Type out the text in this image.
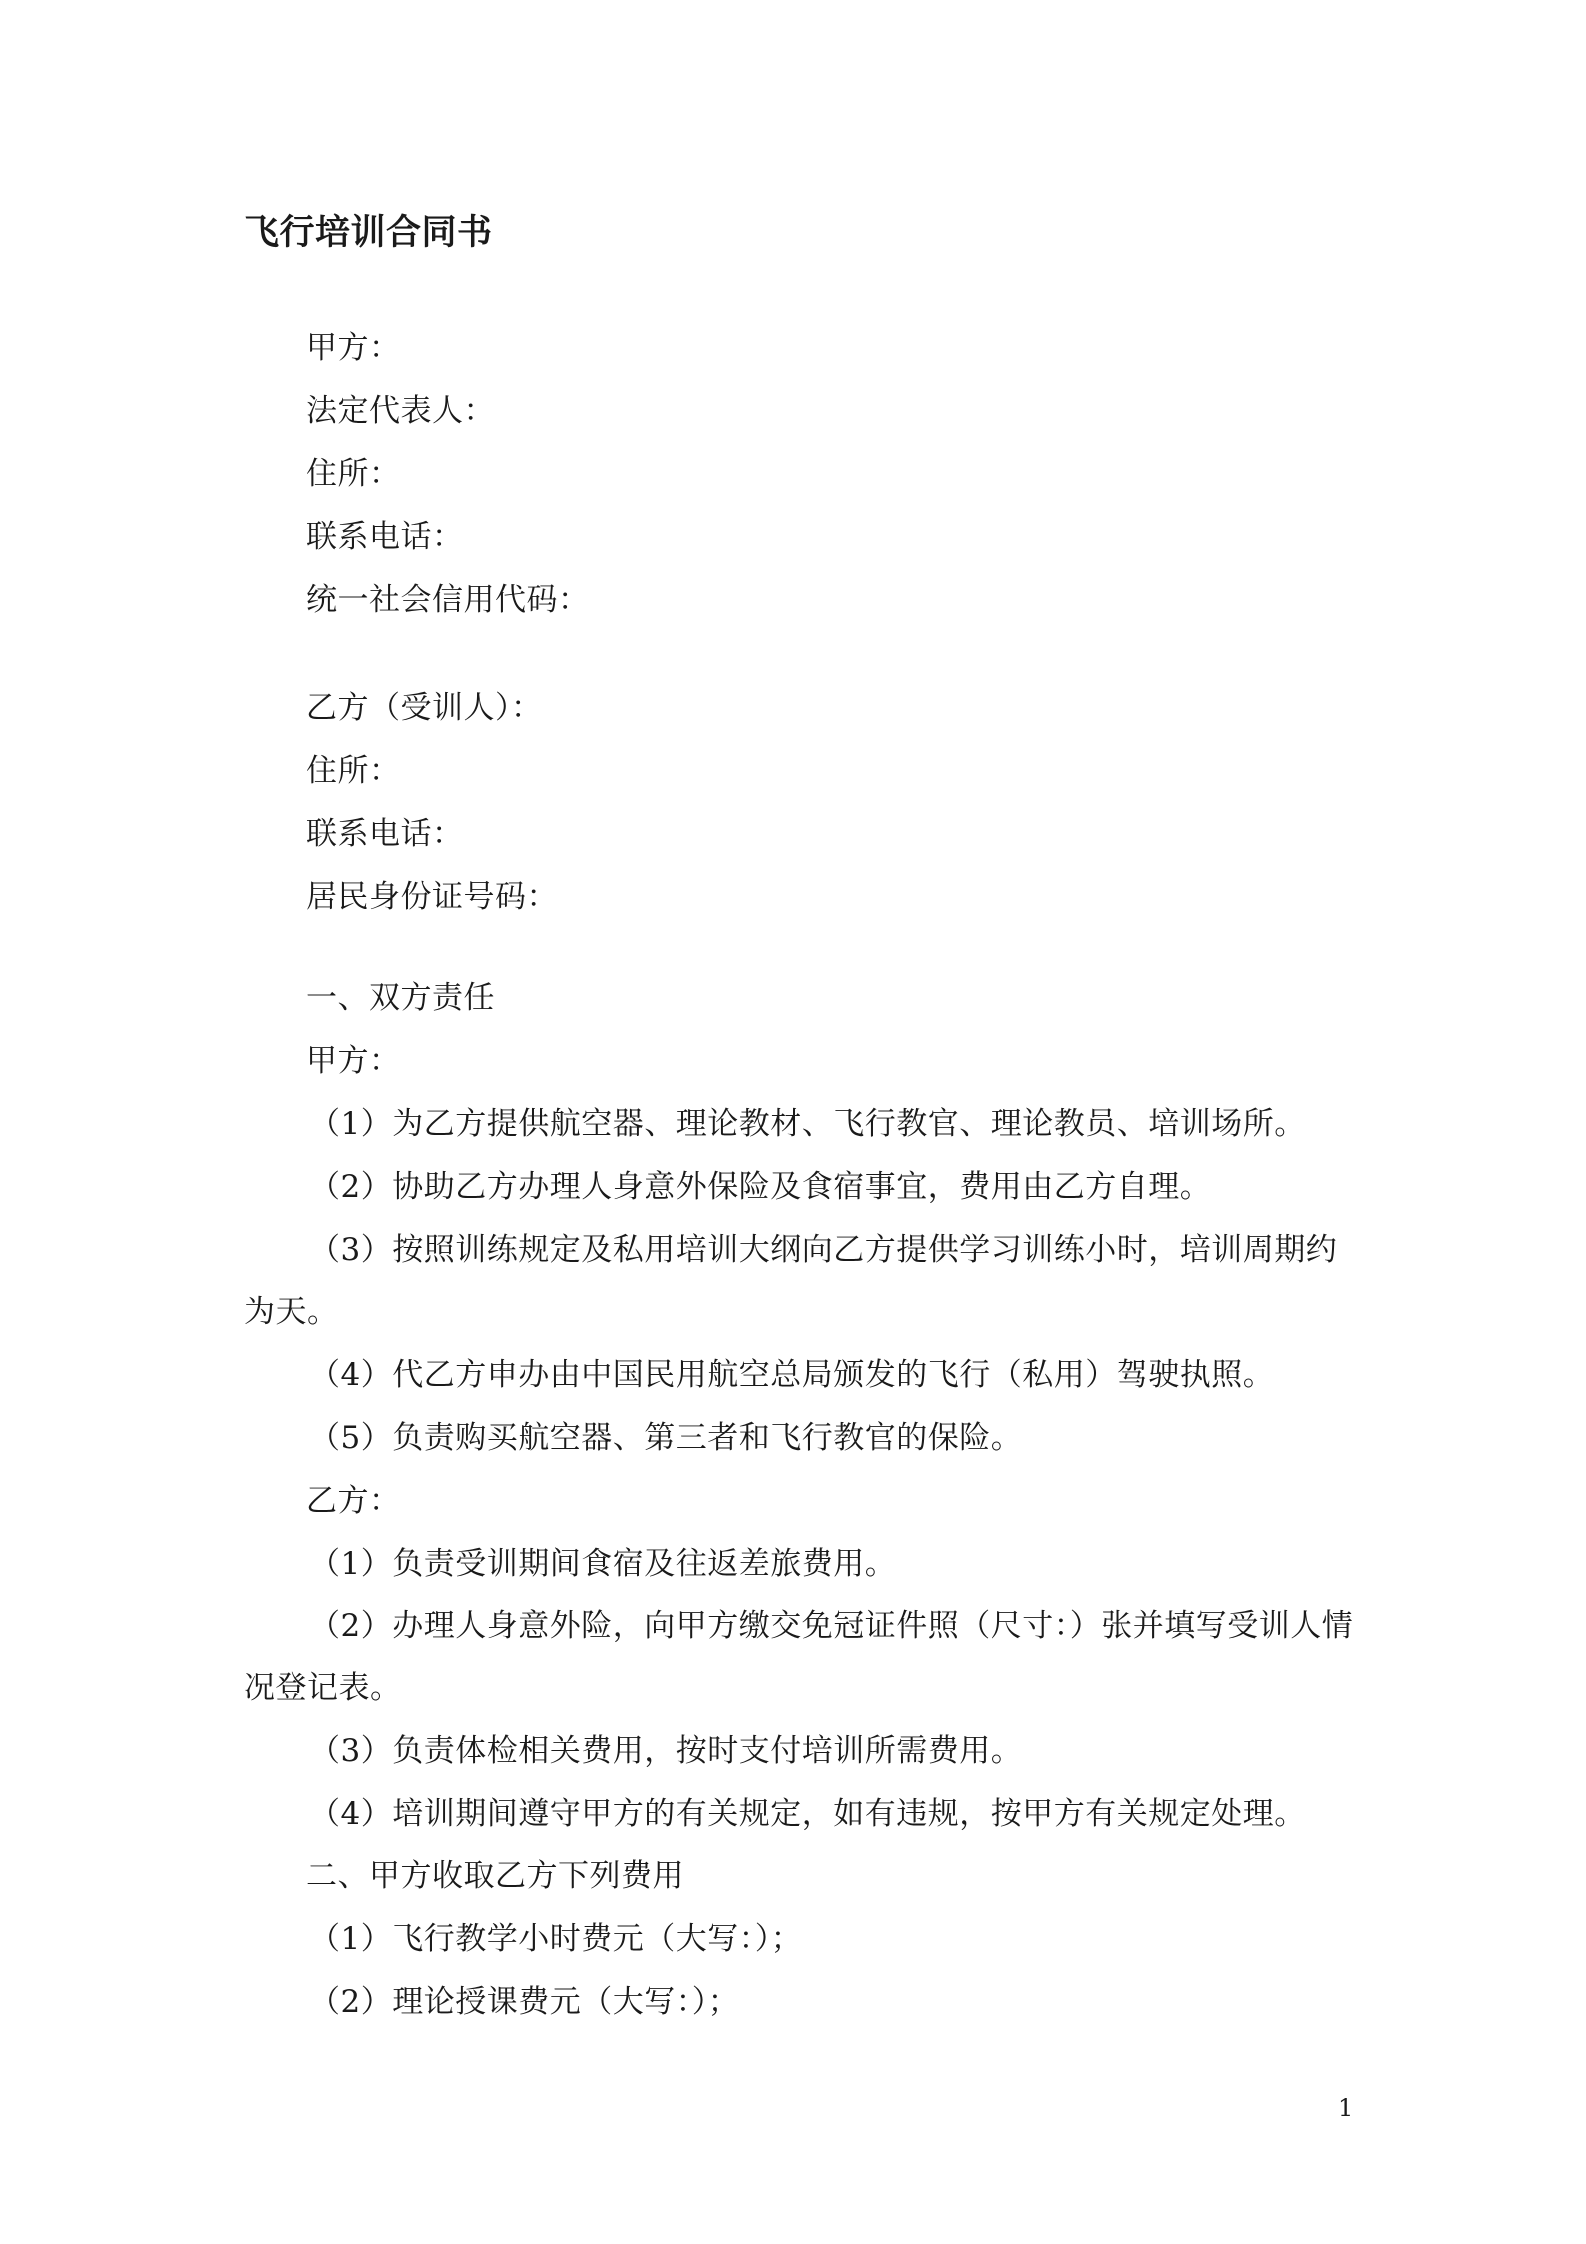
飞行培训合同书
甲方：
法定代表人：
住所：
联系电话：
统一社会信用代码：
乙方（受训人）：
住所：
联系电话：
居民身份证号码：
一、双方责任
甲方：
（1）为乙方提供航空器、理论教材、飞行教官、理论教员、培训场所。
（2）协助乙方办理人身意外保险及食宿事宜，费用由乙方自理。
（3）按照训练规定及私用培训大纲向乙方提供学习训练小时，培训周期约
为天。
（4）代乙方申办由中国民用航空总局颁发的飞行（私用）驾驶执照。
（5）负责购买航空器、第三者和飞行教官的保险。
乙方：
（1）负责受训期间食宿及往返差旅费用。
（2）办理人身意外险，向甲方缴交免冠证件照（尺寸：）张并填写受训人情
况登记表。
（3）负责体检相关费用，按时支付培训所需费用。
（4）培训期间遵守甲方的有关规定，如有违规，按甲方有关规定处理。
二、甲方收取乙方下列费用
（1）飞行教学小时费元（大写：）；
（2）理论授课费元（大写：）；
1
